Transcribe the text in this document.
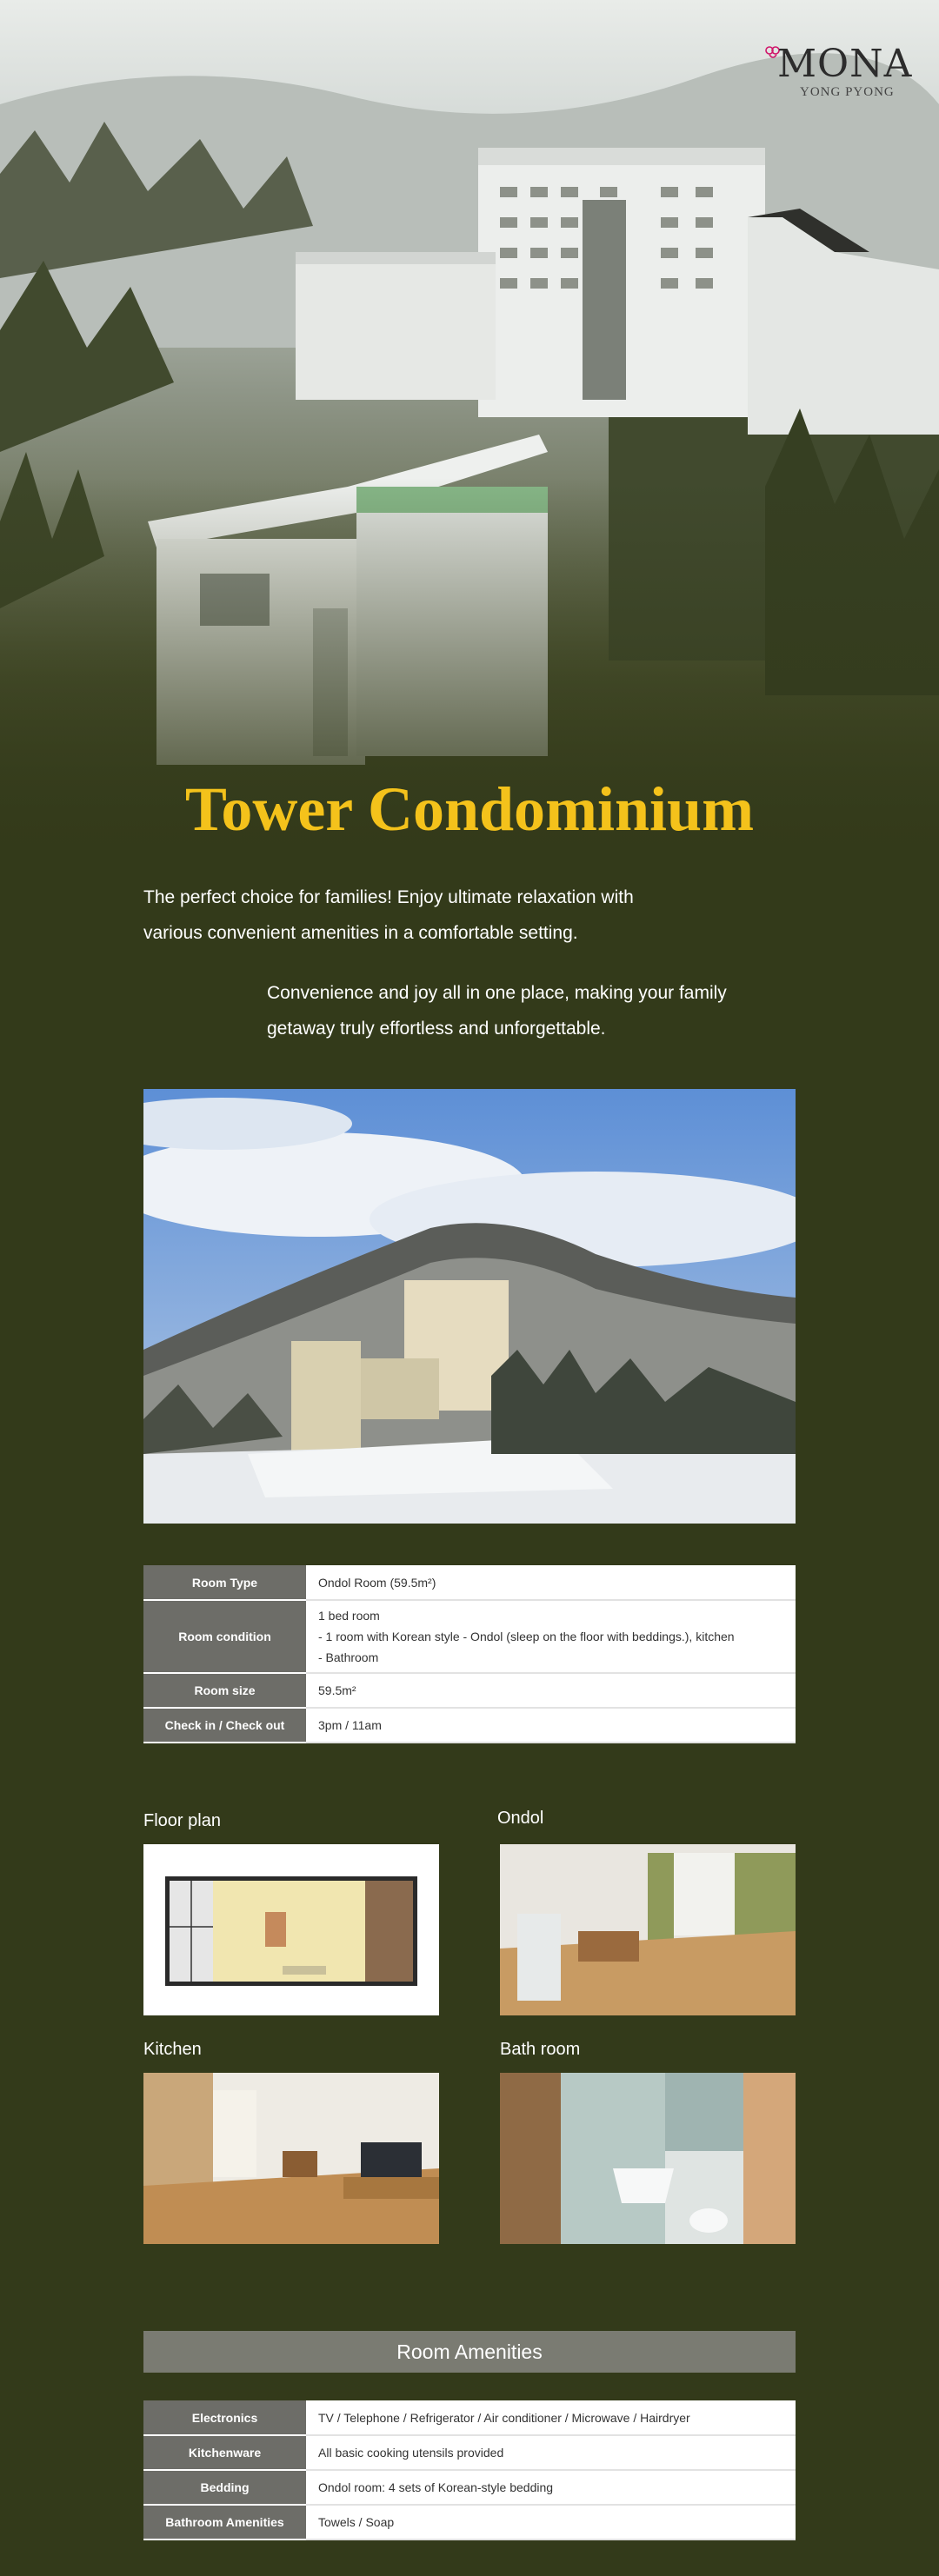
MONA
YONG PYONG
Tower Condominium
The perfect choice for families! Enjoy ultimate relaxation with
various convenient amenities in a comfortable setting.
Convenience and joy all in one place, making your family
getaway truly effortless and unforgettable.
Room Type	Ondol Room (59.5m²)
Room condition	1 bed room
- 1 room with Korean style - Ondol (sleep on the floor with beddings.), kitchen
- Bathroom

Room size	59.5m²
Check in / Check out	3pm / 11am
Floor plan	Ondol
Kitchen	Bath room
Room Amenities
Electronics	TV / Telephone / Refrigerator / Air conditioner / Microwave / Hairdryer
Kitchenware	All basic cooking utensils provided
Bedding	Ondol room: 4 sets of Korean-style bedding
Bathroom Amenities	Towels / Soap
